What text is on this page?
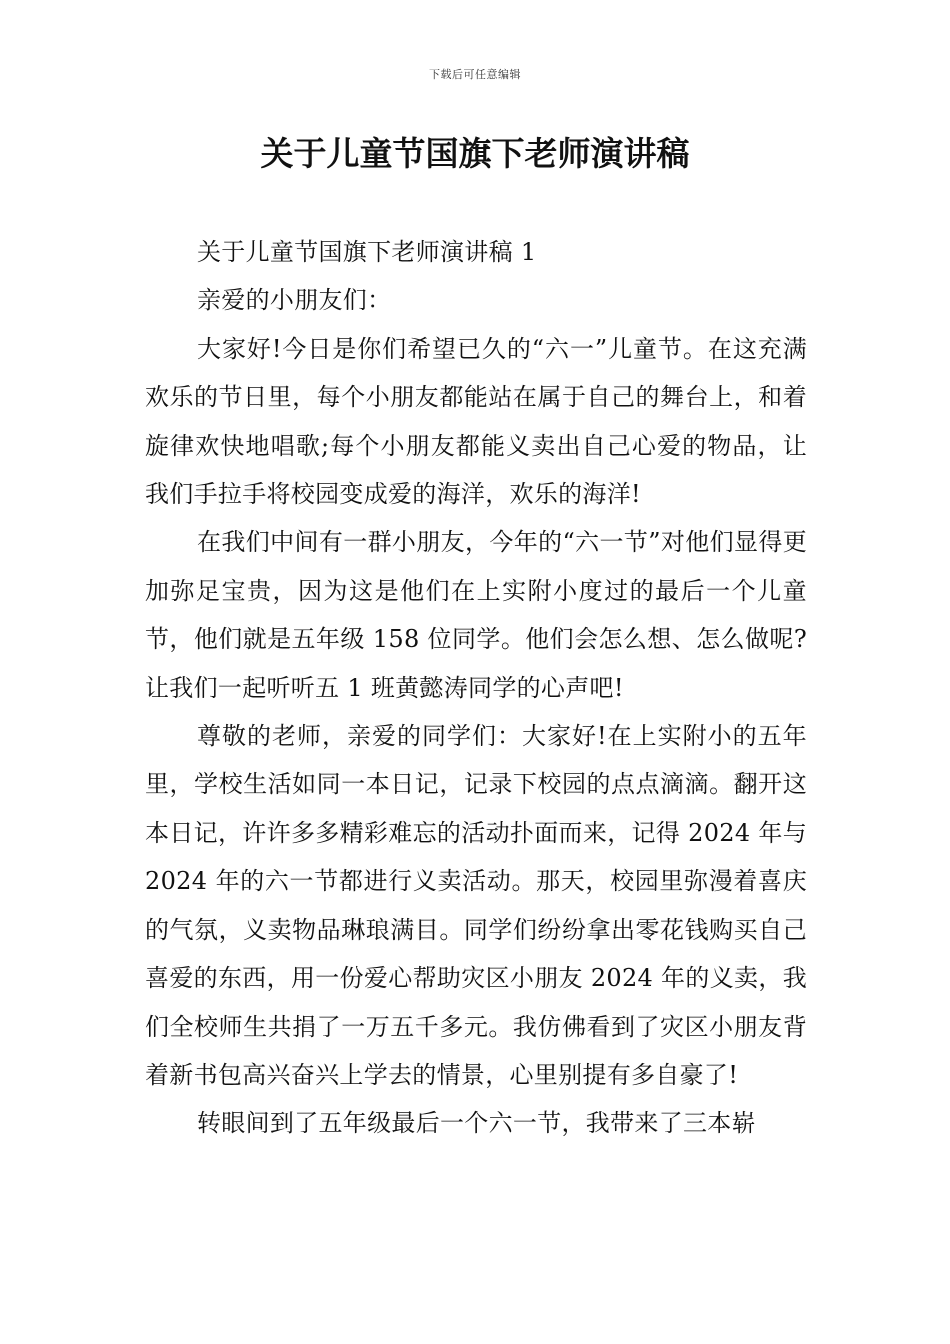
下载后可任意编辑
关于儿童节国旗下老师演讲稿

关于儿童节国旗下老师演讲稿 1

亲爱的小朋友们：

大家好!今日是你们希望已久的“六一”儿童节。在这充满欢乐的节日里，每个小朋友都能站在属于自己的舞台上，和着旋律欢快地唱歌;每个小朋友都能义卖出自己心爱的物品，让我们手拉手将校园变成爱的海洋，欢乐的海洋!

在我们中间有一群小朋友，今年的“六一节”对他们显得更加弥足宝贵，因为这是他们在上实附小度过的最后一个儿童节，他们就是五年级 158 位同学。他们会怎么想、怎么做呢?让我们一起听听五 1 班黄懿涛同学的心声吧!

尊敬的老师，亲爱的同学们：大家好!在上实附小的五年里，学校生活如同一本日记，记录下校园的点点滴滴。翻开这本日记，许许多多精彩难忘的活动扑面而来，记得 2024 年与 2024 年的六一节都进行义卖活动。那天，校园里弥漫着喜庆的气氛，义卖物品琳琅满目。同学们纷纷拿出零花钱购买自己喜爱的东西，用一份爱心帮助灾区小朋友 2024 年的义卖，我们全校师生共捐了一万五千多元。我仿佛看到了灾区小朋友背着新书包高兴奋兴上学去的情景，心里别提有多自豪了!

转眼间到了五年级最后一个六一节，我带来了三本崭
